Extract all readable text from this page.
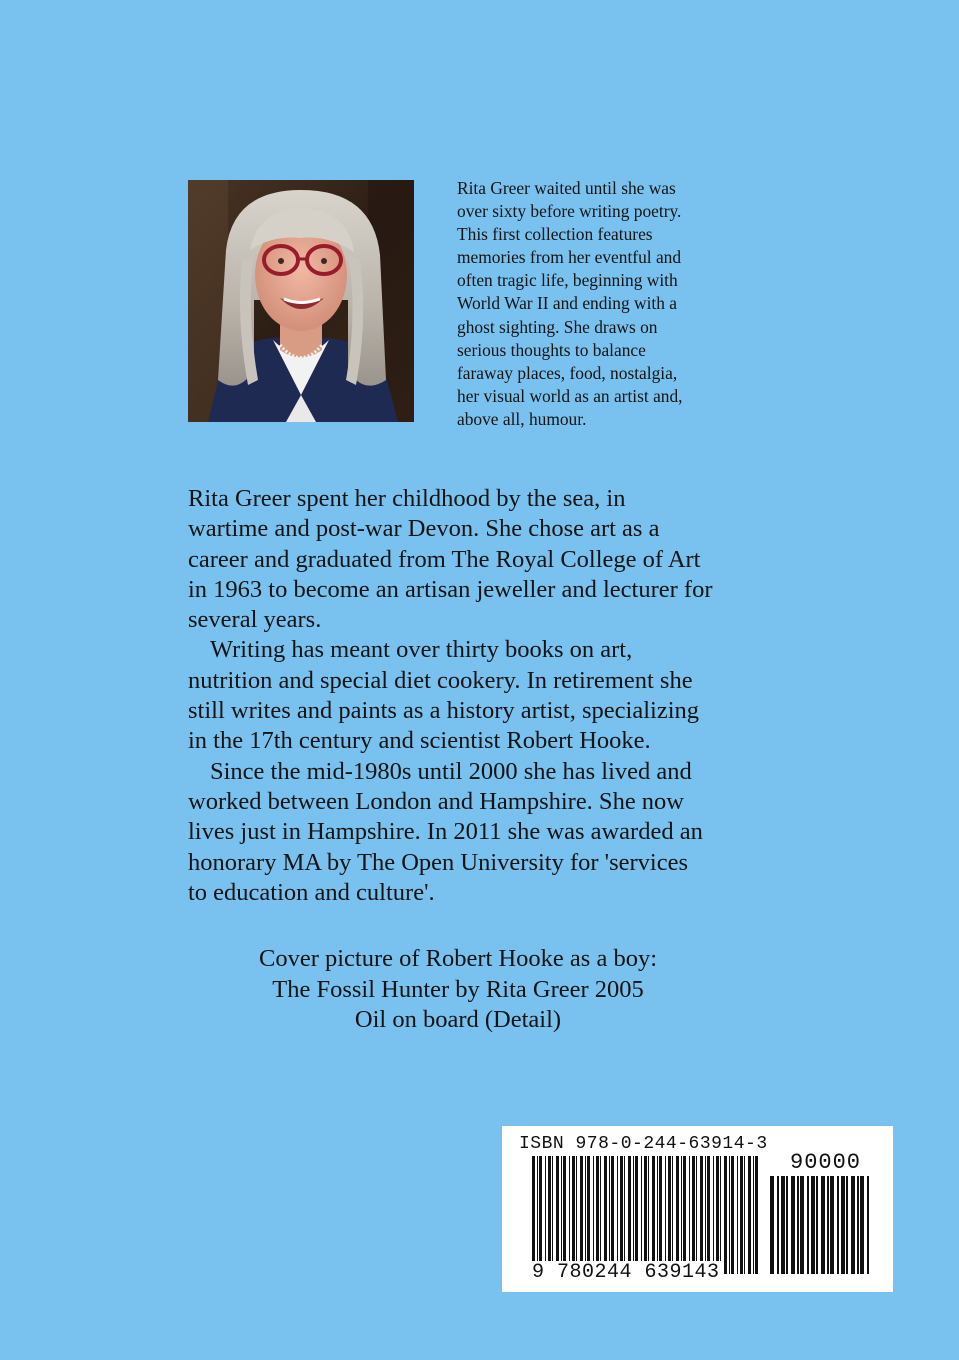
Rita Greer waited until she was
over sixty before writing poetry.
This first collection features
memories from her eventful and
often tragic life, beginning with
World War II and ending with a
ghost sighting. She draws on
serious thoughts to balance
faraway places, food, nostalgia,
her visual world as an artist and,
above all, humour.
Rita Greer spent her childhood by the sea, in
wartime and post-war Devon. She chose art as a
career and graduated from The Royal College of Art
in 1963 to become an artisan jeweller and lecturer for
several years.
Writing has meant over thirty books on art,
nutrition and special diet cookery. In retirement she
still writes and paints as a history artist, specializing
in the 17th century and scientist Robert Hooke.
Since the mid-1980s until 2000 she has lived and
worked between London and Hampshire. She now
lives just in Hampshire. In 2011 she was awarded an
honorary MA by The Open University for 'services
to education and culture'.
Cover picture of Robert Hooke as a boy:
The Fossil Hunter by Rita Greer 2005
Oil on board (Detail)
ISBN 978-0-244-63914-3
90000
9 780244 639143
